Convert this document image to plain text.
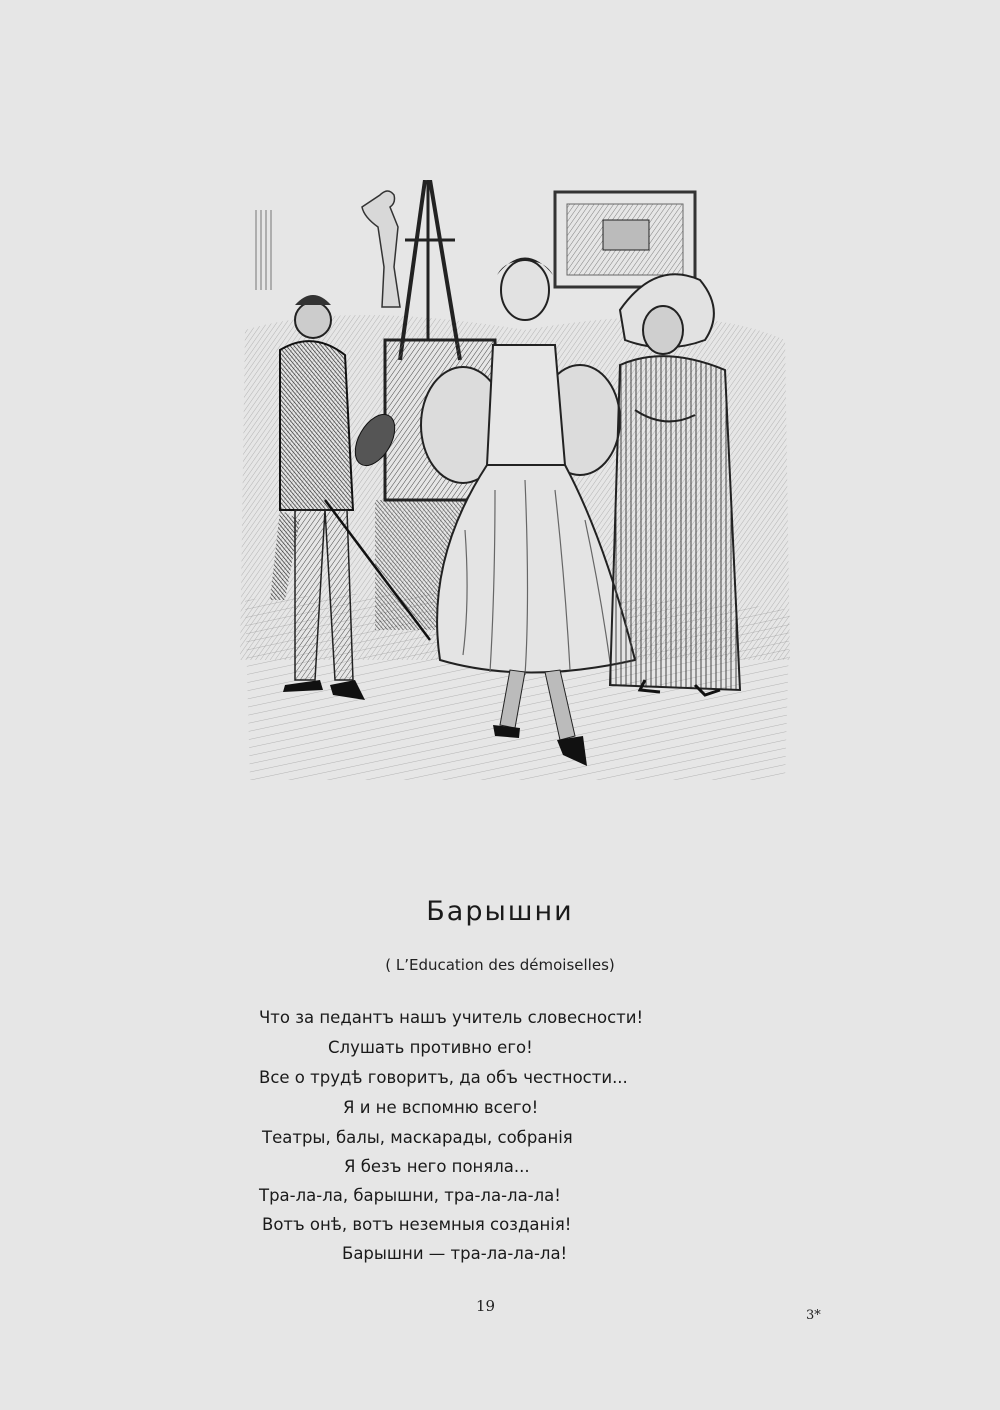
Барышни
( L’Education des démoiselles)
Что за педантъ нашъ учитель словесности!
Слушать противно его!
Все о трудѣ говоритъ, да объ честности...
Я и не вспомню всего!
Театры, балы, маскарады, собранія
Я безъ него поняла...
Тра-ла-ла, барышни, тра-ла-ла-ла!
Вотъ онѣ, вотъ неземныя созданія!
Барышни — тра-ла-ла-ла!
19
3*
